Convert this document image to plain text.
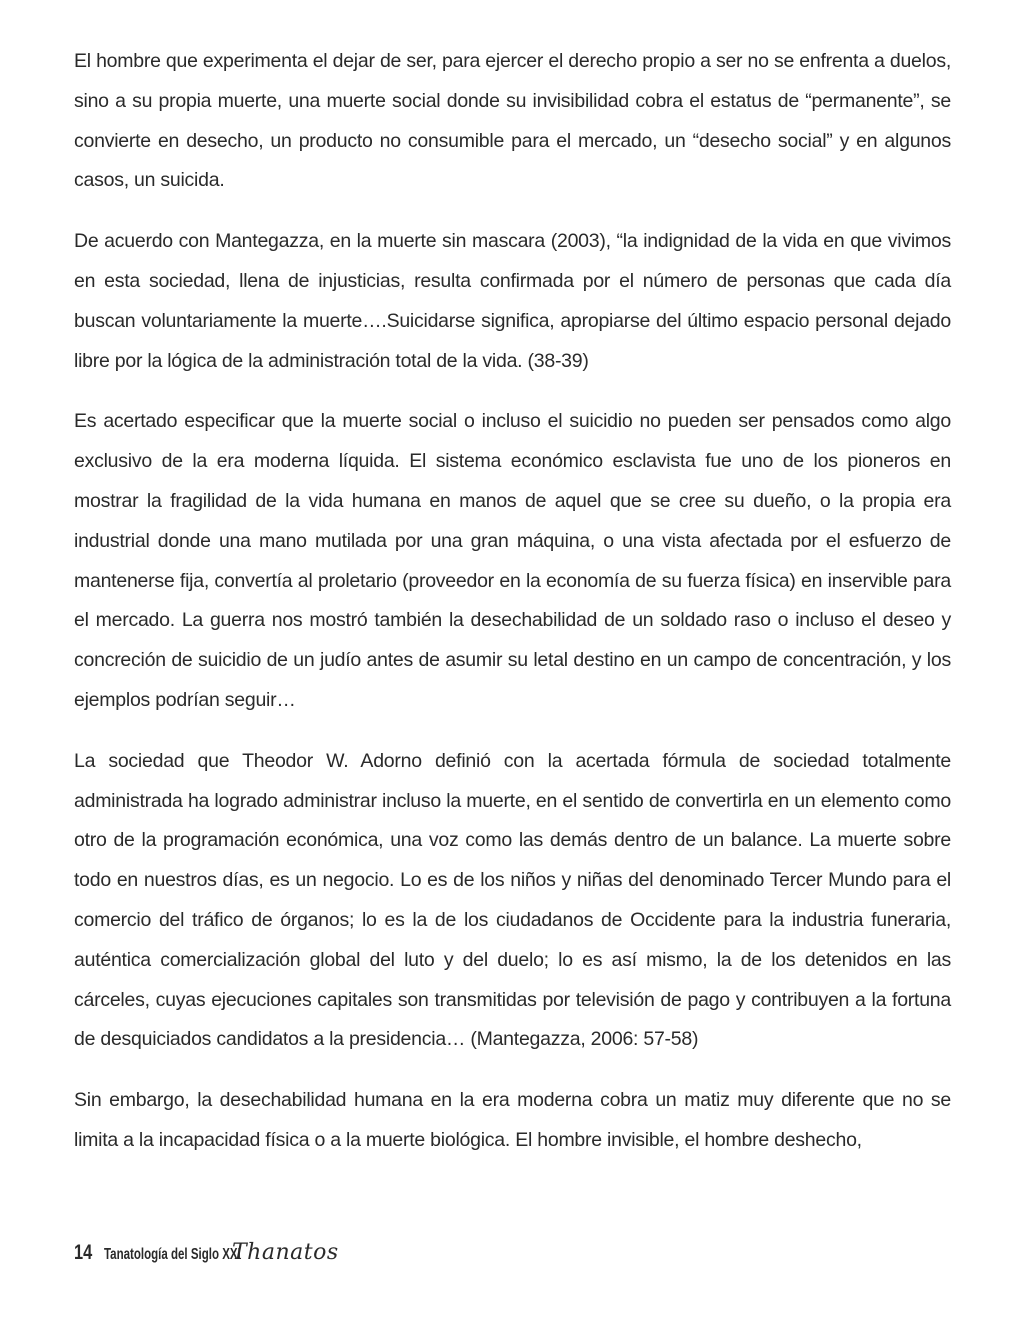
El hombre que experimenta el dejar de ser, para ejercer el derecho propio a ser no se enfrenta a duelos, sino a su propia muerte, una muerte social donde su invisibilidad cobra el estatus de “permanente”, se convierte en desecho, un producto no consumible para el mercado, un “desecho social” y en algunos casos, un suicida.

De acuerdo con Mantegazza, en la muerte sin mascara (2003), “la indignidad de la vida en que vivimos en esta sociedad, llena de injusticias, resulta confirmada por el número de personas que cada día buscan voluntariamente la muerte….Suicidarse significa, apropiarse del último espacio personal dejado libre por la lógica de la administración total de la vida. (38-39)

Es acertado especificar que la muerte social o incluso el suicidio no pueden ser pensados como algo exclusivo de la era moderna líquida. El sistema económico esclavista fue uno de los pioneros en mostrar la fragilidad de la vida humana en manos de aquel que se cree su dueño, o la propia era industrial donde una mano mutilada por una gran máquina, o una vista afectada por el esfuerzo de mantenerse fija, convertía al proletario (proveedor en la economía de su fuerza física) en inservible para el mercado. La guerra nos mostró también la desechabilidad de un soldado raso o incluso el deseo y concreción de suicidio de un judío antes de asumir su letal destino en un campo de concentración, y los ejemplos podrían seguir…

La sociedad que Theodor W. Adorno definió con la acertada fórmula de sociedad totalmente administrada ha logrado administrar incluso la muerte, en el sentido de convertirla en un elemento como otro de la programación económica, una voz como las demás dentro de un balance. La muerte sobre todo en nuestros días, es un negocio. Lo es de los niños y niñas del denominado Tercer Mundo para el comercio del tráfico de órganos; lo es la de los ciudadanos de Occidente para la industria funeraria, auténtica comercialización global del luto y del duelo; lo es así mismo, la de los detenidos en las cárceles, cuyas ejecuciones capitales son transmitidas por televisión de pago y contribuyen a la fortuna de desquiciados candidatos a la presidencia… (Mantegazza, 2006: 57-58)

Sin embargo, la desechabilidad humana en la era moderna cobra un matiz muy diferente que no se limita a la incapacidad física o a la muerte biológica. El hombre invisible, el hombre deshecho,

14 Tanatología del Siglo XXI
Thanatos
